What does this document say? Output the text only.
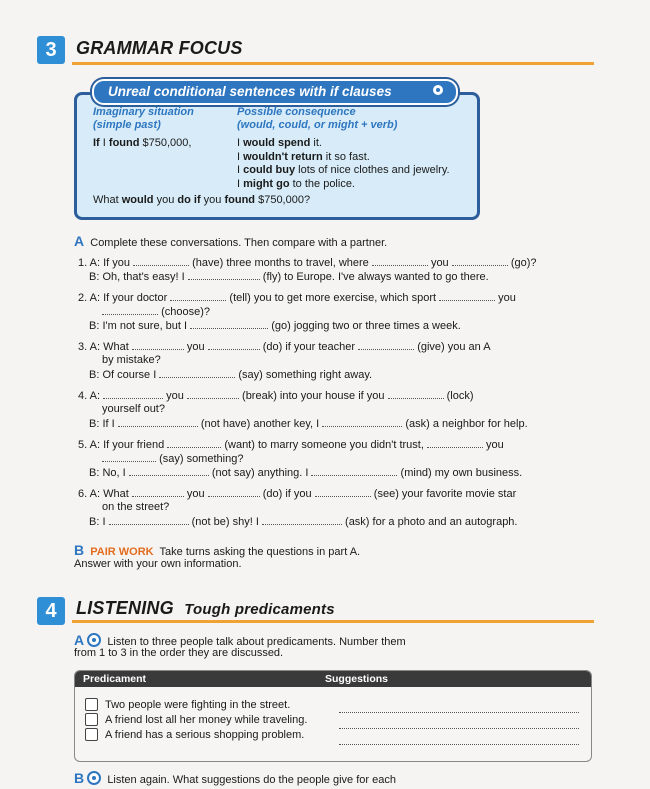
3	GRAMMAR FOCUS
Unreal conditional sentences with if clauses
Imaginary situation
(simple past)
Possible consequence
(would, could, or might + verb)
If I found $750,000,	I would spend it.
I wouldn't return it so fast.
I could buy lots of nice clothes and jewelry.
I might go to the police.
What would you do if you found $750,000?
A Complete these conversations. Then compare with a partner.
1. A: If you	(have) three months to travel, where	you	(go)?
B: Oh, that's easy! I	(fly) to Europe. I've always wanted to go there.
2. A: If your doctor	(tell) you to get more exercise, which sport	you
(choose)?
B: I'm not sure, but I	(go) jogging two or three times a week.
3. A: What	you	(do) if your teacher	(give) you an A
by mistake?
B: Of course I	(say) something right away.
4. A:	you	(break) into your house if you	(lock)
yourself out?
B: If I	(not have) another key, I	(ask) a neighbor for help.
5. A: If your friend	(want) to marry someone you didn't trust,	you
(say) something?
B: No, I	(not say) anything. I	(mind) my own business.
6. A: What	you	(do) if you	(see) your favorite movie star
on the street?
B: I	(not be) shy! I	(ask) for a photo and an autograph.
B PAIR WORK Take turns asking the questions in part A.
Answer with your own information.
4	LISTENING Tough predicaments
A Listen to three people talk about predicaments. Number them
from 1 to 3 in the order they are discussed.
Predicament	Suggestions
Two people were fighting in the street.
A friend lost all her money while traveling.
A friend has a serious shopping problem.
B Listen again. What suggestions do the people give for each
